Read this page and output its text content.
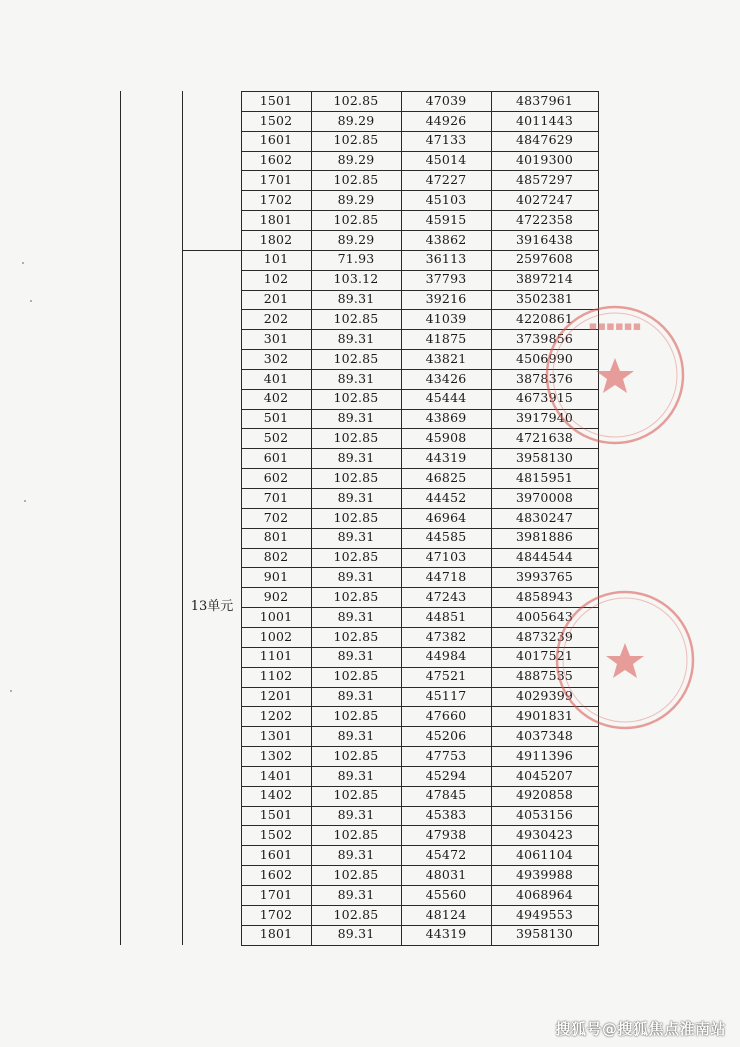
1501	102.85	47039	4837961
1502	89.29	44926	4011443
1601	102.85	47133	4847629
1602	89.29	45014	4019300
1701	102.85	47227	4857297
1702	89.29	45103	4027247
1801	102.85	45915	4722358
1802	89.29	43862	3916438
101	71.93	36113	2597608
102	103.12	37793	3897214
201	89.31	39216	3502381
202	102.85	41039	4220861
301	89.31	41875	3739856
302	102.85	43821	4506990
401	89.31	43426	3878376
402	102.85	45444	4673915
501	89.31	43869	3917940
502	102.85	45908	4721638
601	89.31	44319	3958130
602	102.85	46825	4815951
701	89.31	44452	3970008
702	102.85	46964	4830247
801	89.31	44585	3981886
802	102.85	47103	4844544
901	89.31	44718	3993765
902	102.85	47243	4858943
1001	89.31	44851	4005643
1002	102.85	47382	4873239
1101	89.31	44984	4017521
1102	102.85	47521	4887535
1201	89.31	45117	4029399
1202	102.85	47660	4901831
1301	89.31	45206	4037348
1302	102.85	47753	4911396
1401	89.31	45294	4045207
1402	102.85	47845	4920858
1501	89.31	45383	4053156
1502	102.85	47938	4930423
1601	89.31	45472	4061104
1602	102.85	48031	4939988
1701	89.31	45560	4068964
1702	102.85	48124	4949553
1801	89.31	44319	3958130
13单元
▪▪▪▪▪▪
搜狐号@搜狐焦点淮南站
